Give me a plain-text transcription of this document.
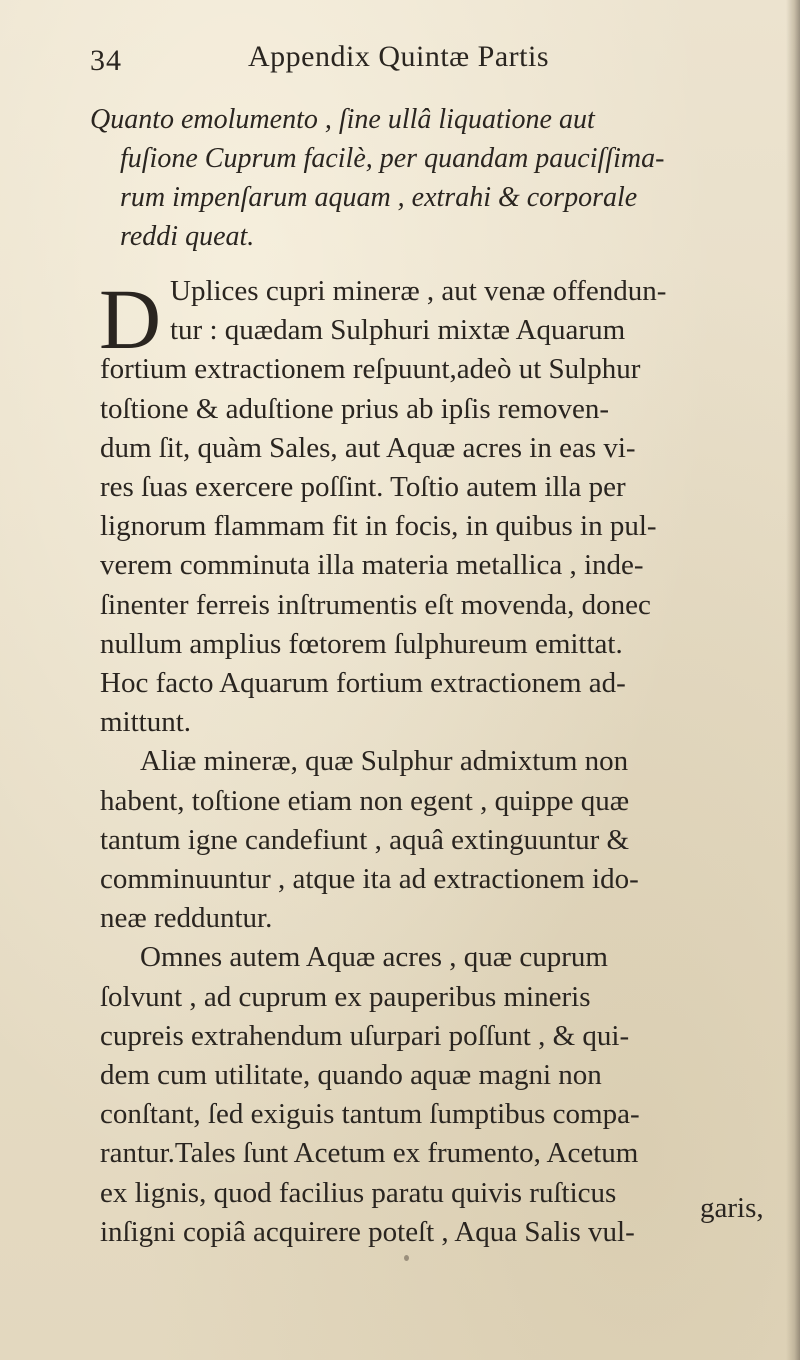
34	Appendix Quintæ Partis
Quanto emolumento , ſine ullâ liquatione aut
fuſione Cuprum facilè, per quandam pauciſſima-
rum impenſarum aquam , extrahi & corporale
reddi queat.
D Uplices cupri mineræ , aut venæ offendun-
tur : quædam Sulphuri mixtæ Aquarum
fortium extractionem reſpuunt,adeò ut Sulphur
toſtione & aduſtione prius ab ipſis removen-
dum ſit, quàm Sales, aut Aquæ acres in eas vi-
res ſuas exercere poſſint. Toſtio autem illa per
lignorum flammam fit in focis, in quibus in pul-
verem comminuta illa materia metallica , inde-
ſinenter ferreis inſtrumentis eſt movenda, donec
nullum amplius fœtorem ſulphureum emittat.
Hoc facto Aquarum fortium extractionem ad-
mittunt.
Aliæ mineræ, quæ Sulphur admixtum non
habent, toſtione etiam non egent , quippe quæ
tantum igne candefiunt , aquâ extinguuntur &
comminuuntur , atque ita ad extractionem ido-
neæ redduntur.
Omnes autem Aquæ acres , quæ cuprum
ſolvunt , ad cuprum ex pauperibus mineris
cupreis extrahendum uſurpari poſſunt , & qui-
dem cum utilitate, quando aquæ magni non
conſtant, ſed exiguis tantum ſumptibus compa-
rantur.Tales ſunt Acetum ex frumento, Acetum
ex lignis, quod facilius paratu quivis ruſticus
inſigni copiâ acquirere poteſt , Aqua Salis vul-
garis,
